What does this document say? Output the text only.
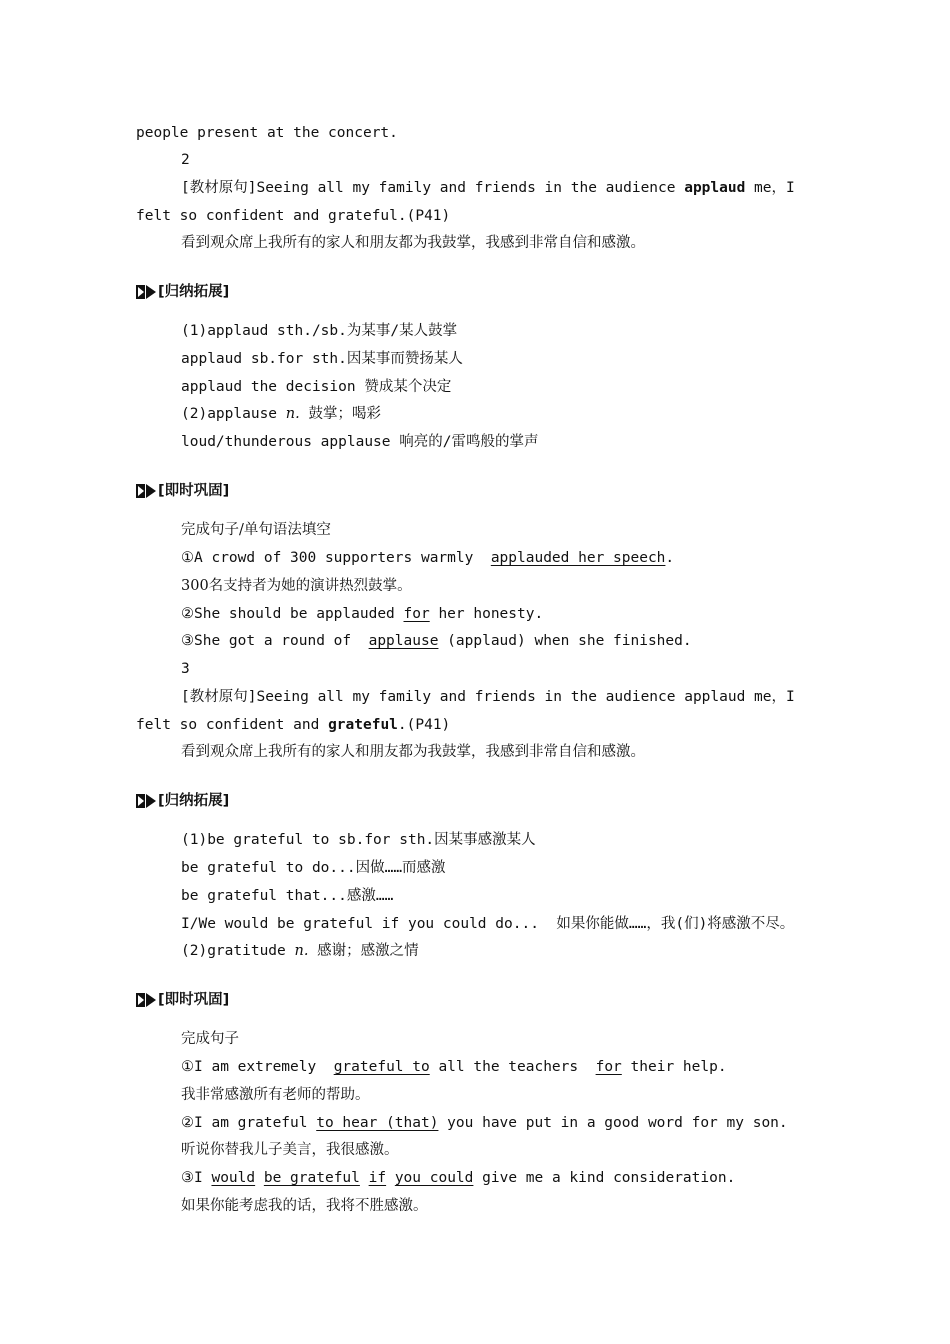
people present at the concert.
2
[教材原句]Seeing all my family and friends in the audience applaud me，I
felt so confident and grateful.(P41)
看到观众席上我所有的家人和朋友都为我鼓掌，我感到非常自信和感激。
[归纳拓展]
(1)applaud sth./sb.为某事/某人鼓掌
applaud sb.for sth.因某事而赞扬某人
applaud the decision 赞成某个决定
(2)applause n. 鼓掌；喝彩
loud/thunderous applause 响亮的/雷鸣般的掌声
[即时巩固]
完成句子/单句语法填空
①A crowd of 300 supporters warmly  applauded her speech.
300名支持者为她的演讲热烈鼓掌。
②She should be applauded for her honesty.
③She got a round of  applause (applaud) when she finished.
3
[教材原句]Seeing all my family and friends in the audience applaud me，I
felt so confident and grateful.(P41)
看到观众席上我所有的家人和朋友都为我鼓掌，我感到非常自信和感激。
[归纳拓展]
(1)be grateful to sb.for sth.因某事感激某人
be grateful to do...因做……而感激
be grateful that...感激……
I/We would be grateful if you could do...  如果你能做……，我(们)将感激不尽。
(2)gratitude n. 感谢；感激之情
[即时巩固]
完成句子
①I am extremely  grateful to all the teachers  for their help.
我非常感激所有老师的帮助。
②I am grateful to hear (that) you have put in a good word for my son.
听说你替我儿子美言，我很感激。
③I would be grateful if you could give me a kind consideration.
如果你能考虑我的话，我将不胜感激。
